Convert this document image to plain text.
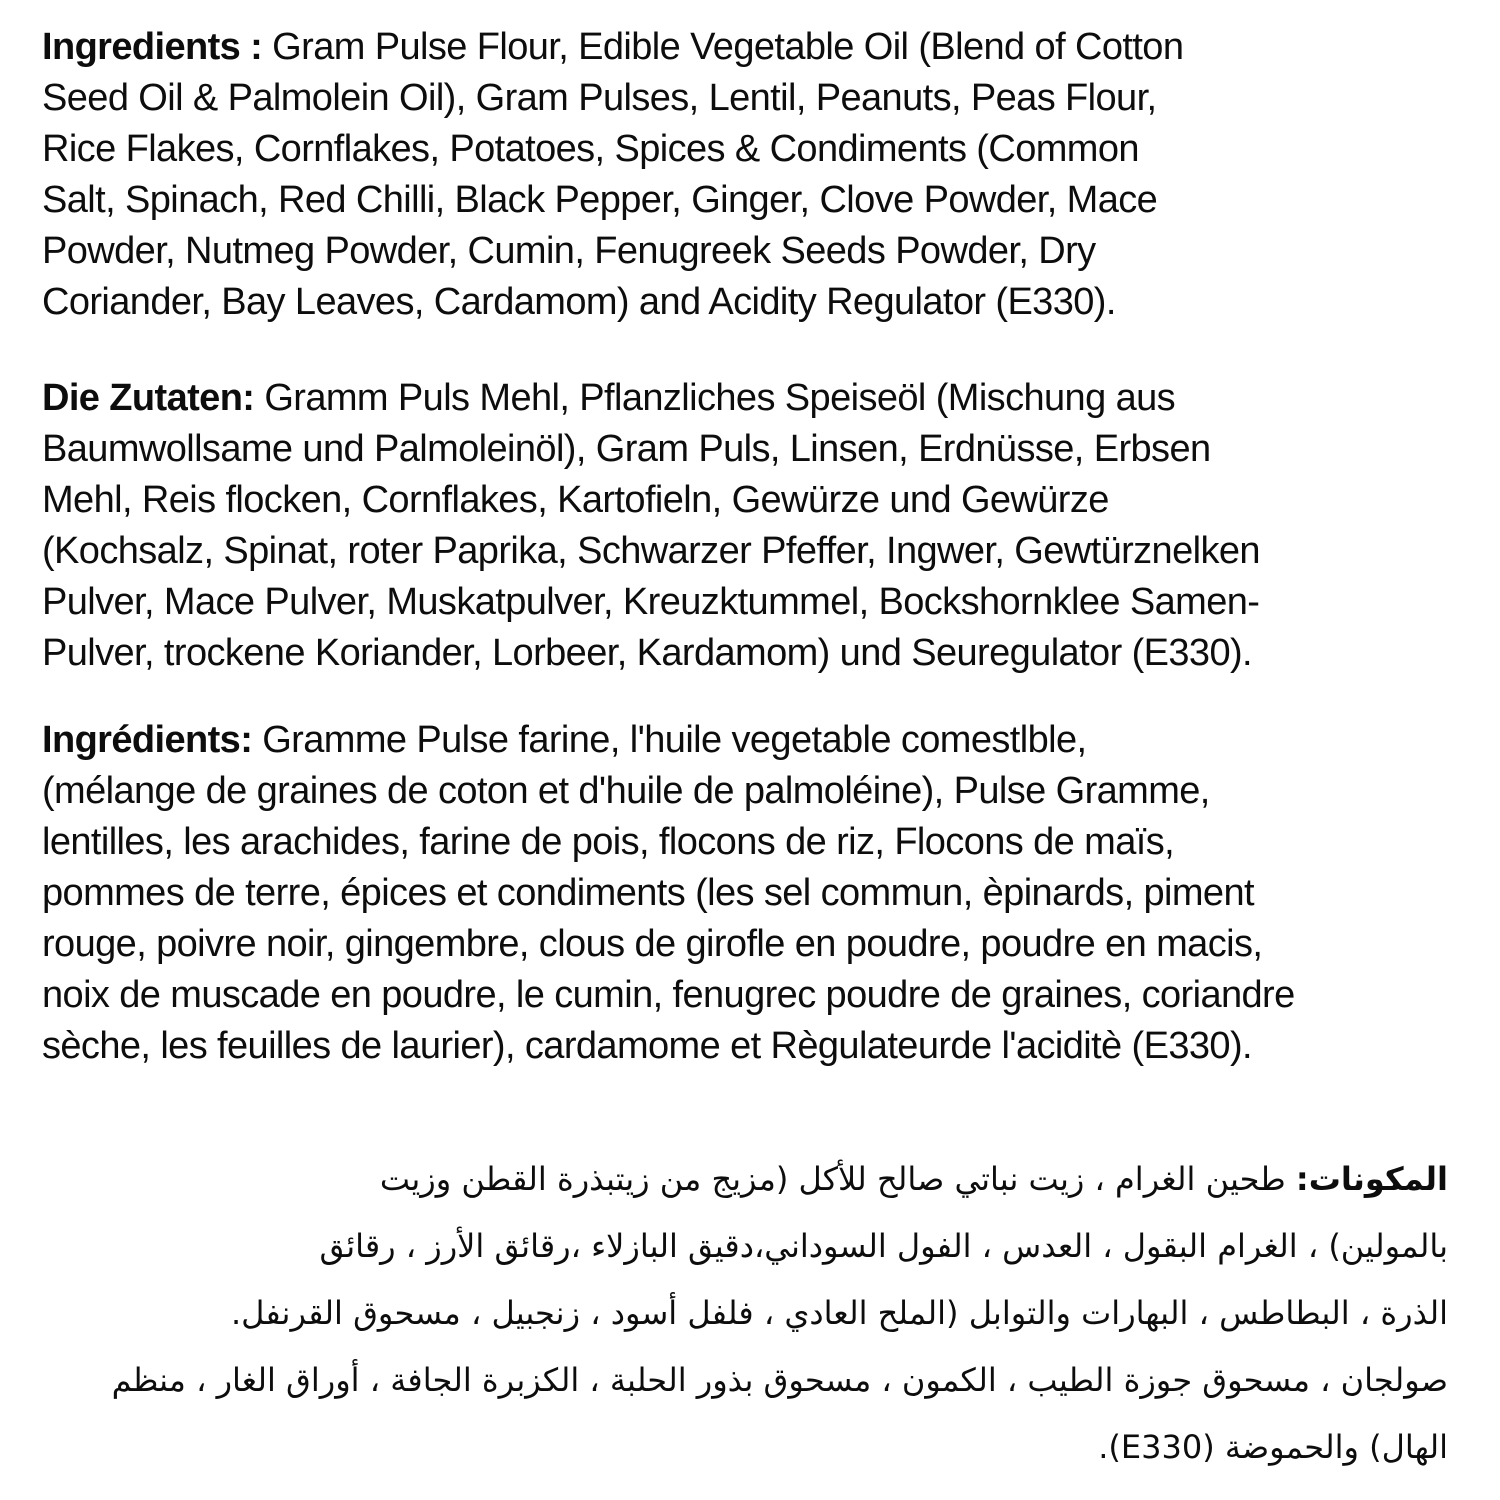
Ingredients : Gram Pulse Flour, Edible Vegetable Oil (Blend of Cotton
Seed Oil & Palmolein Oil), Gram Pulses, Lentil, Peanuts, Peas Flour,
Rice Flakes, Cornflakes, Potatoes, Spices & Condiments (Common
Salt, Spinach, Red Chilli, Black Pepper, Ginger, Clove Powder, Mace
Powder, Nutmeg Powder, Cumin, Fenugreek Seeds Powder, Dry
Coriander, Bay Leaves, Cardamom) and Acidity Regulator (E330).
Die Zutaten: Gramm Puls Mehl, Pflanzliches Speiseöl (Mischung aus
Baumwollsame und Palmoleinöl), Gram Puls, Linsen, Erdnüsse, Erbsen
Mehl, Reis flocken, Cornflakes, Kartofieln, Gewürze und Gewürze
(Kochsalz, Spinat, roter Paprika, Schwarzer Pfeffer, Ingwer, Gewtürznelken
Pulver, Mace Pulver, Muskatpulver, Kreuzktummel, Bockshornklee Samen-
Pulver, trockene Koriander, Lorbeer, Kardamom) und Seuregulator (E330).
Ingrédients: Gramme Pulse farine, l'huile vegetable comestlble,
(mélange de graines de coton et d'huile de palmoléine), Pulse Gramme,
lentilles, les arachides, farine de pois, flocons de riz, Flocons de maïs,
pommes de terre, épices et condiments (les sel commun, èpinards, piment
rouge, poivre noir, gingembre, clous de girofle en poudre, poudre en macis,
noix de muscade en poudre, le cumin, fenugrec poudre de graines, coriandre
sèche, les feuilles de laurier), cardamome et Règulateurde l'aciditè (E330).
المكونات: طحين الغرام ، زيت نباتي صالح للأكل (مزيج من زيتبذرة القطن وزيت
بالمولين) ، الغرام البقول ، العدس ، الفول السوداني،دقيق البازلاء ،رقائق الأرز ، رقائق
الذرة ، البطاطس ، البهارات والتوابل (الملح العادي ، فلفل أسود ، زنجبيل ، مسحوق القرنفل.
صولجان ، مسحوق جوزة الطيب ، الكمون ، مسحوق بذور الحلبة ، الكزبرة الجافة ، أوراق الغار ، منظم
الهال) والحموضة (E330).
